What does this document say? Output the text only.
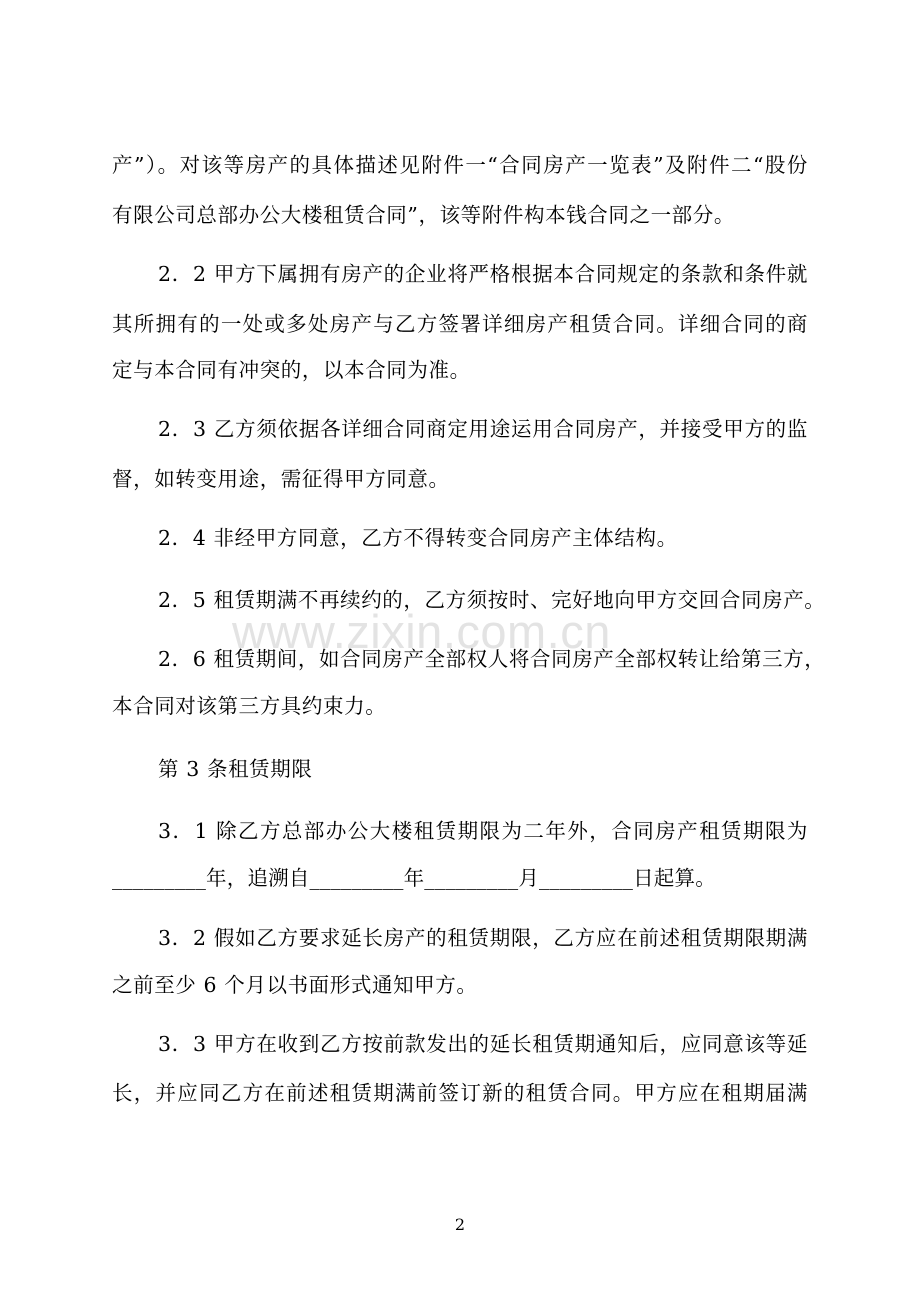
产”）。对该等房产的具体描述见附件一“合同房产一览表”及附件二“股份
有限公司总部办公大楼租赁合同”，该等附件构本钱合同之一部分。
2．2 甲方下属拥有房产的企业将严格根据本合同规定的条款和条件就
其所拥有的一处或多处房产与乙方签署详细房产租赁合同。详细合同的商
定与本合同有冲突的，以本合同为准。
2．3 乙方须依据各详细合同商定用途运用合同房产，并接受甲方的监
督，如转变用途，需征得甲方同意。
2．4 非经甲方同意，乙方不得转变合同房产主体结构。
2．5 租赁期满不再续约的，乙方须按时、完好地向甲方交回合同房产。
2．6 租赁期间，如合同房产全部权人将合同房产全部权转让给第三方，
本合同对该第三方具约束力。
第 3 条租赁期限
3．1 除乙方总部办公大楼租赁期限为二年外，合同房产租赁期限为
_________年，追溯自_________年_________月_________日起算。
3．2 假如乙方要求延长房产的租赁期限，乙方应在前述租赁期限期满
之前至少 6 个月以书面形式通知甲方。
3．3 甲方在收到乙方按前款发出的延长租赁期通知后，应同意该等延
长，并应同乙方在前述租赁期满前签订新的租赁合同。甲方应在租期届满
www.zixin.com.cn
2
